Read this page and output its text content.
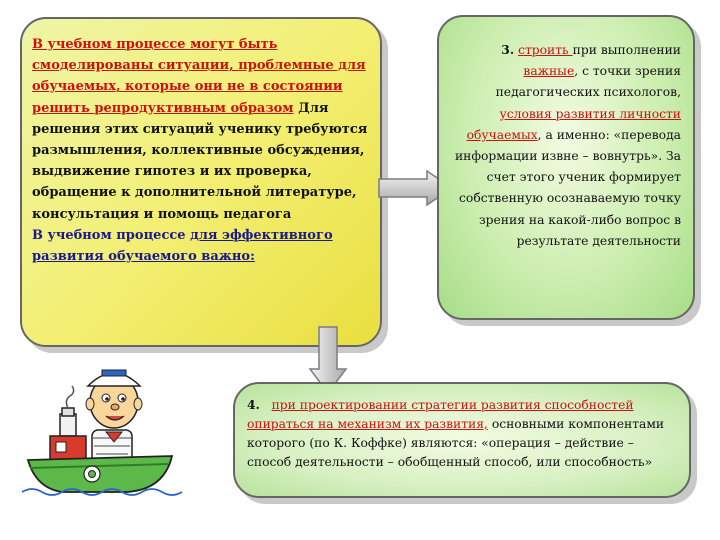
В учебном процессе могут быть смоделированы ситуации, проблемные для обучаемых, которые они не в состоянии решить репродуктивным образом Для решения этих ситуаций ученику требуются размышления, коллективные обсуждения, выдвижение гипотез и их проверка, обращение к дополнительной литературе, консультация и помощь педагога
В учебном процессе для эффективного развития обучаемого важно:
3. строить при выполнении важные, с точки зрения педагогических психологов, условия развития личности обучаемых, а именно: «перевода информации извне – вовнутрь». За счет этого ученик формирует собственную осознаваемую точку зрения на какой-либо вопрос в результате деятельности
4. при проектировании стратегии развития способностей опираться на механизм их развития, основными компонентами которого (по К. Коффке) являются: «операция – действие – способ деятельности – обобщенный способ, или способность»
